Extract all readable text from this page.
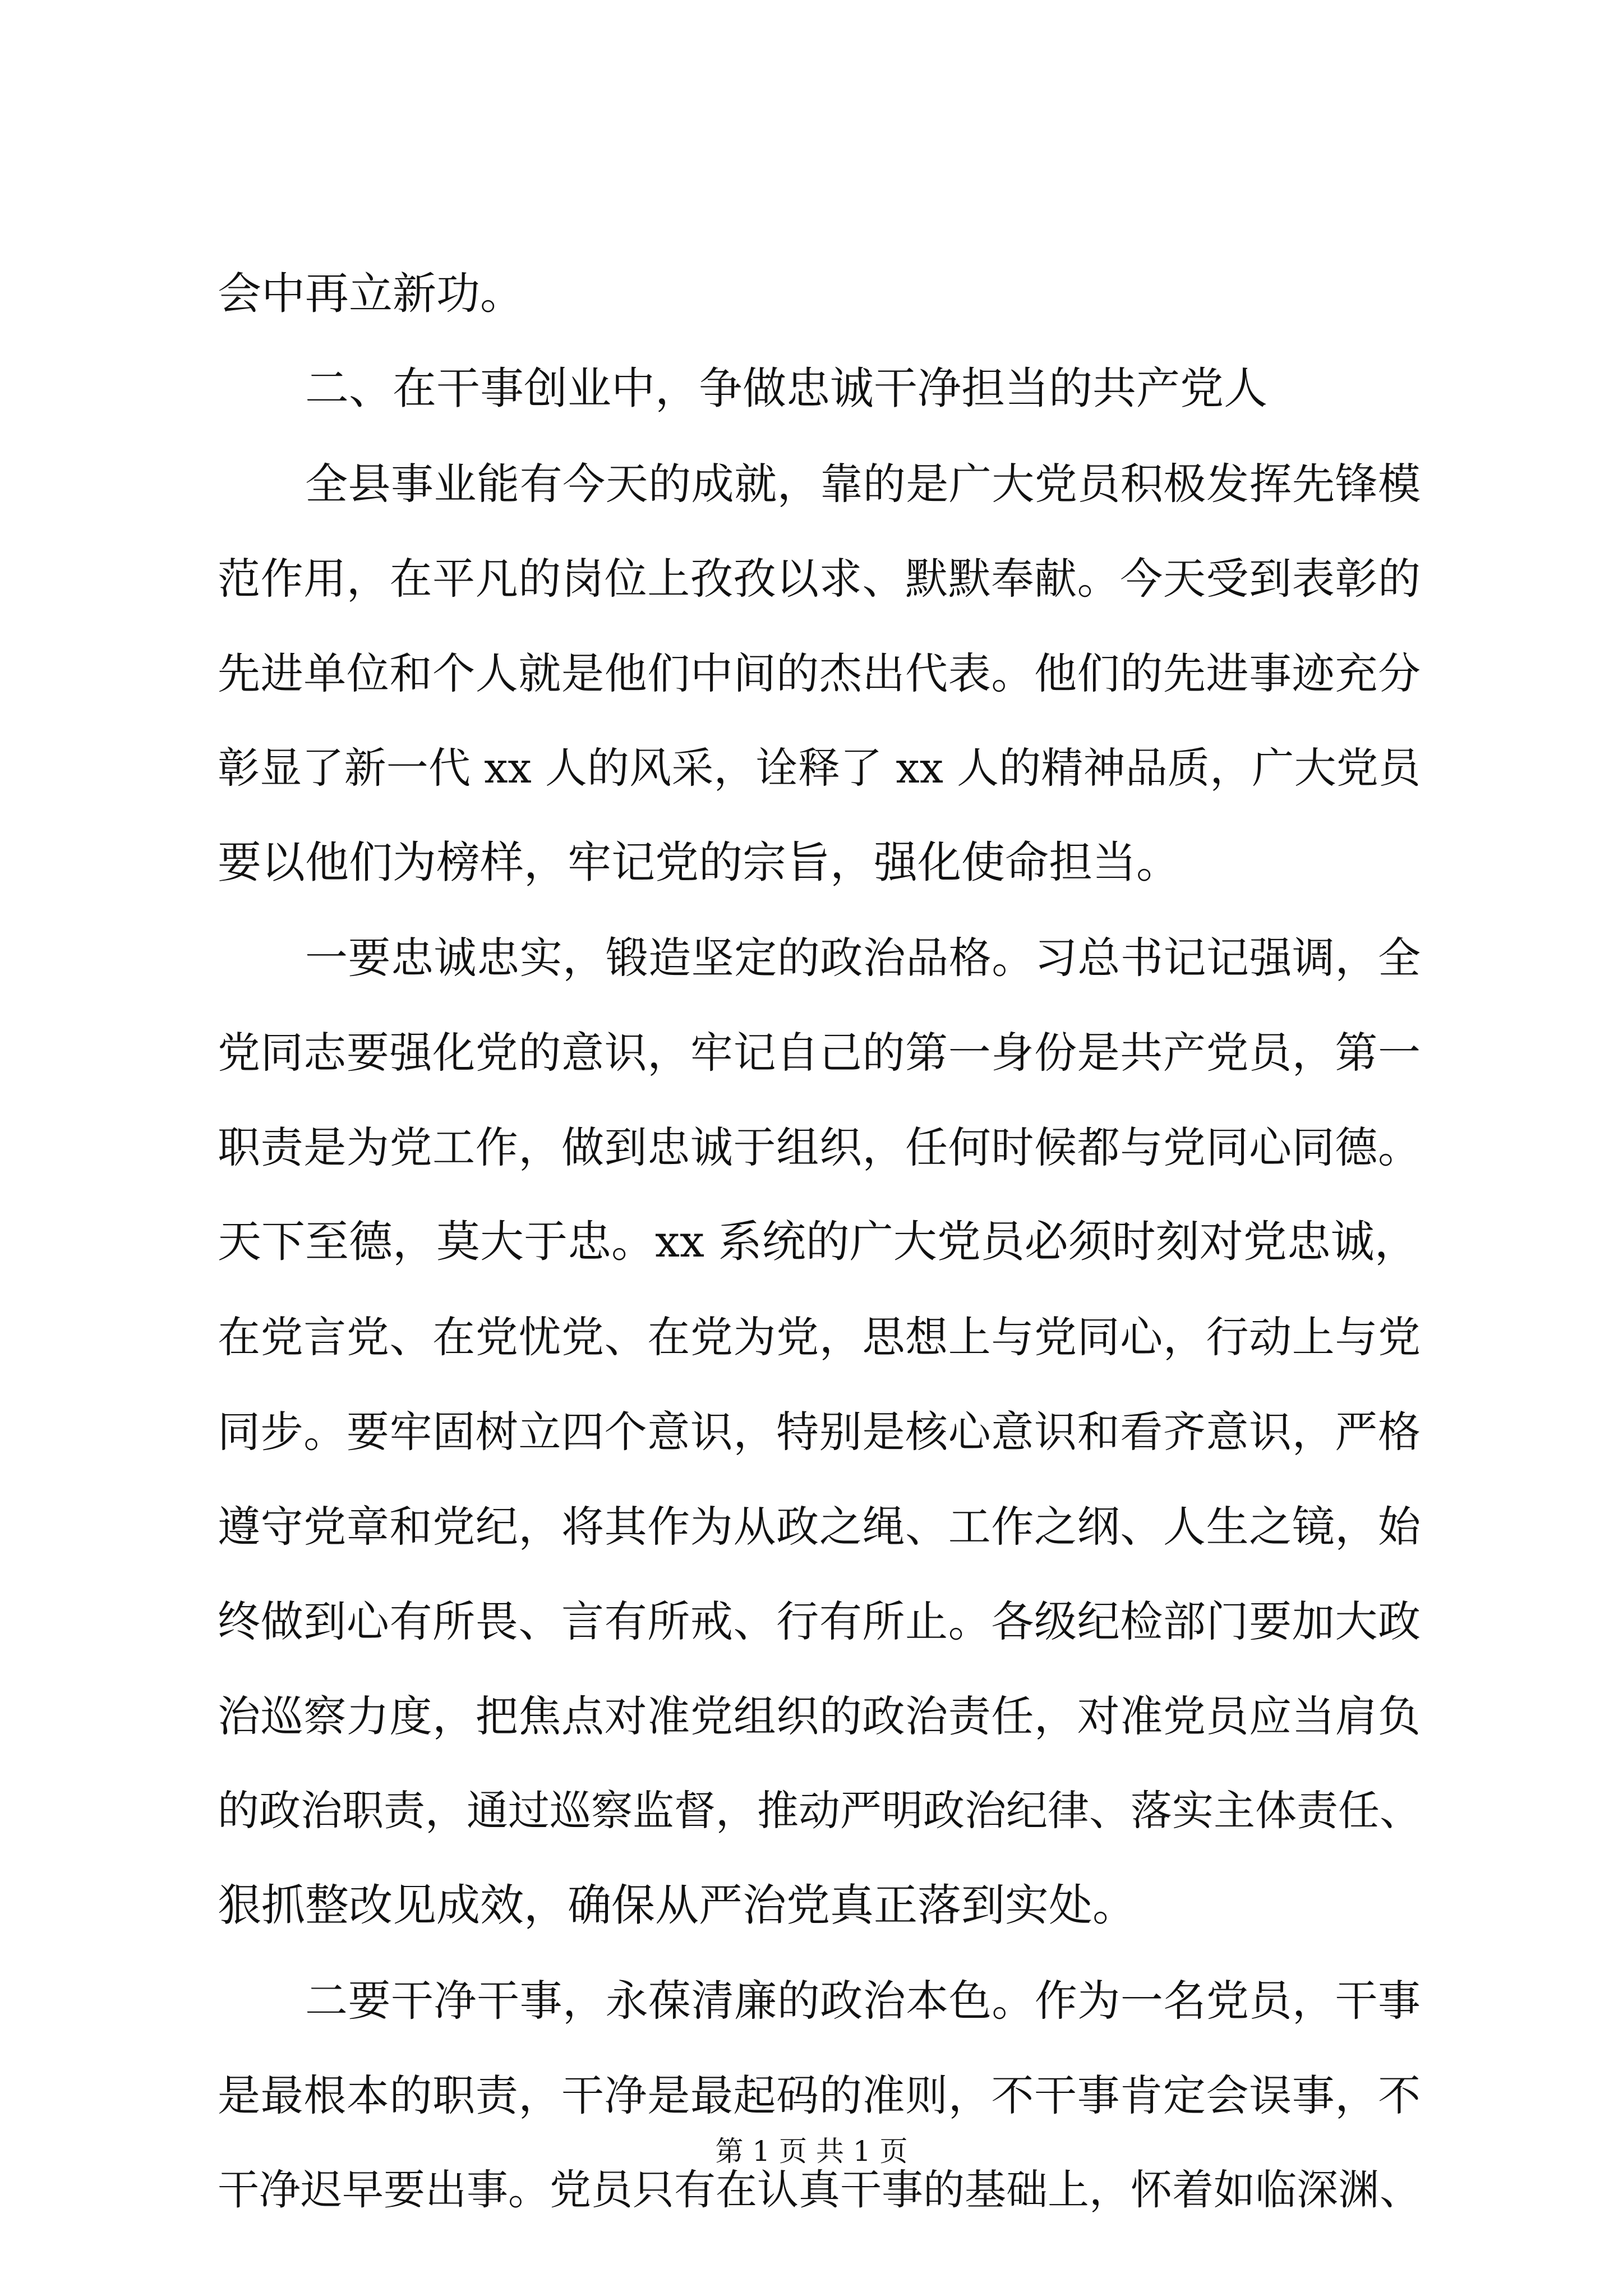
会中再立新功。
二、在干事创业中，争做忠诚干净担当的共产党人
全县事业能有今天的成就，靠的是广大党员积极发挥先锋模
范作用，在平凡的岗位上孜孜以求、默默奉献。今天受到表彰的
先进单位和个人就是他们中间的杰出代表。他们的先进事迹充分
彰显了新一代 xx 人的风采，诠释了 xx 人的精神品质，广大党员
要以他们为榜样，牢记党的宗旨，强化使命担当。
一要忠诚忠实，锻造坚定的政治品格。习总书记记强调，全
党同志要强化党的意识，牢记自己的第一身份是共产党员，第一
职责是为党工作，做到忠诚于组织，任何时候都与党同心同德。
天下至德，莫大于忠。xx 系统的广大党员必须时刻对党忠诚，
在党言党、在党忧党、在党为党，思想上与党同心，行动上与党
同步。要牢固树立四个意识，特别是核心意识和看齐意识，严格
遵守党章和党纪，将其作为从政之绳、工作之纲、人生之镜，始
终做到心有所畏、言有所戒、行有所止。各级纪检部门要加大政
治巡察力度，把焦点对准党组织的政治责任，对准党员应当肩负
的政治职责，通过巡察监督，推动严明政治纪律、落实主体责任、
狠抓整改见成效，确保从严治党真正落到实处。
二要干净干事，永葆清廉的政治本色。作为一名党员，干事
是最根本的职责，干净是最起码的准则，不干事肯定会误事，不
干净迟早要出事。党员只有在认真干事的基础上，怀着如临深渊、
第 1 页 共 1 页
